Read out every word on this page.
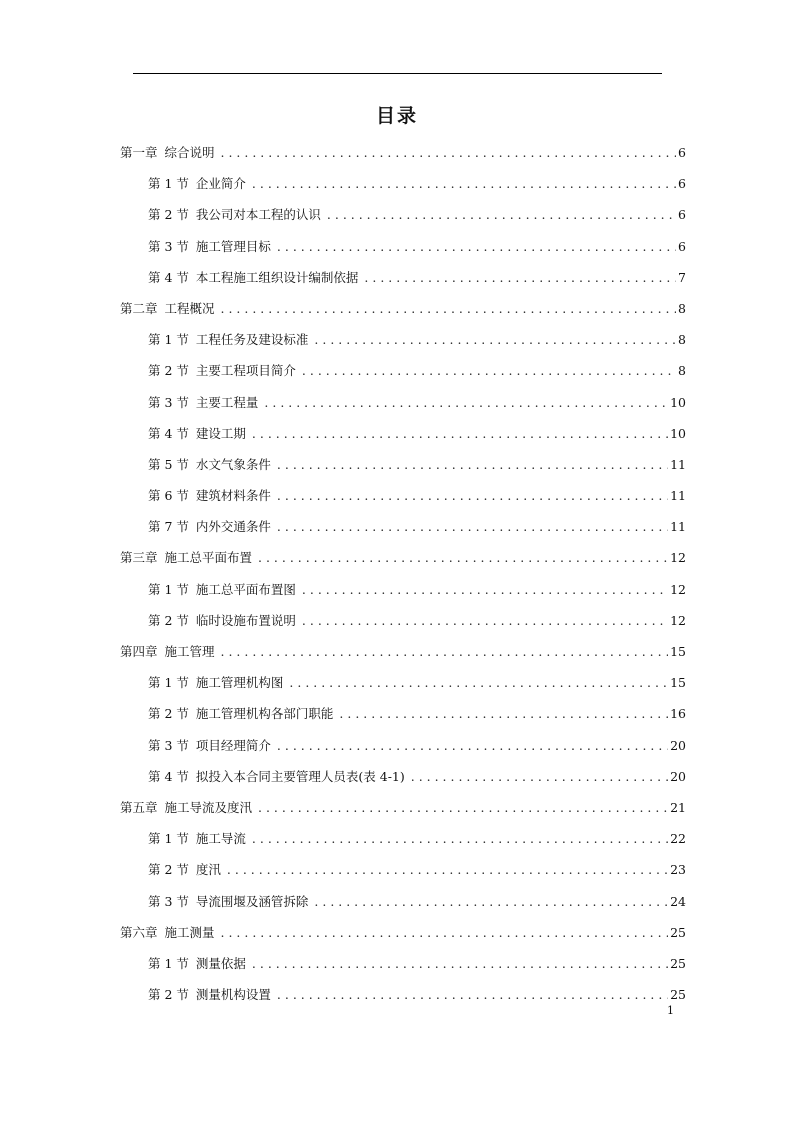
目录
第一章 综合说明 . . .	6
第 1 节 企业简介 . . .	6
第 2 节 我公司对本工程的认识 . . .	6
第 3 节 施工管理目标 . . .	6
第 4 节 本工程施工组织设计编制依据 . . .	7
第二章 工程概况 . . .	8
第 1 节 工程任务及建设标准 . . .	8
第 2 节 主要工程项目简介 . . .	8
第 3 节 主要工程量 . . .	10
第 4 节 建设工期 . . .	10
第 5 节 水文气象条件 . . .	11
第 6 节 建筑材料条件 . . .	11
第 7 节 内外交通条件 . . .	11
第三章 施工总平面布置 . . .	12
第 1 节 施工总平面布置图 . . .	12
第 2 节 临时设施布置说明 . . .	12
第四章 施工管理 . . .	15
第 1 节 施工管理机构图 . . .	15
第 2 节 施工管理机构各部门职能 . . .	16
第 3 节 项目经理简介 . . .	20
第 4 节 拟投入本合同主要管理人员表(表 4-1) . . .	20
第五章 施工导流及度汛 . . .	21
第 1 节 施工导流 . . .	22
第 2 节 度汛 . . .	23
第 3 节 导流围堰及涵管拆除 . . .	24
第六章 施工测量 . . .	25
第 1 节 测量依据 . . .	25
第 2 节 测量机构设置 . . .	25
1
